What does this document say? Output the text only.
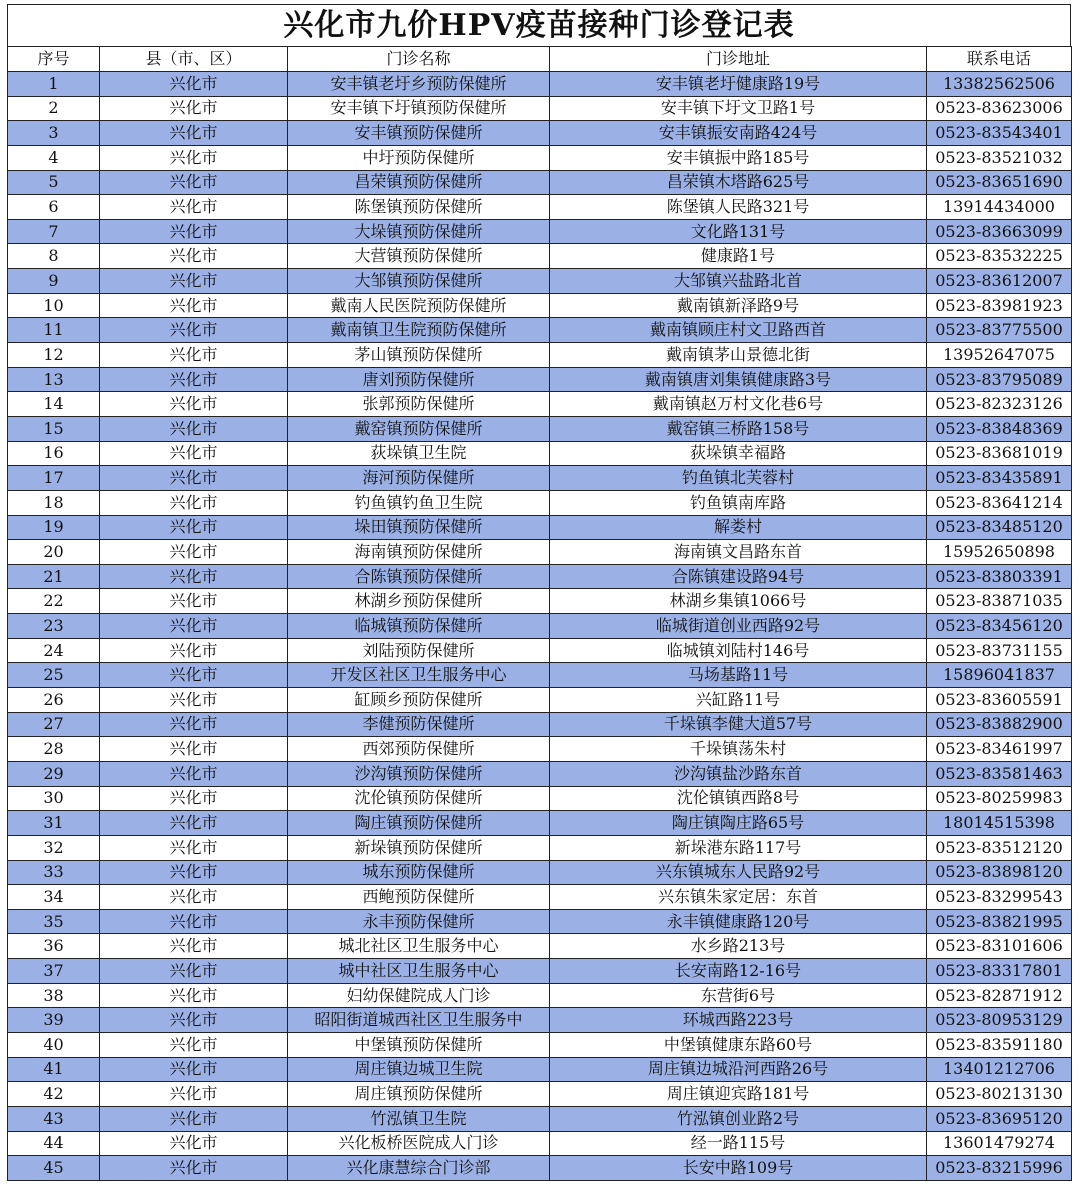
兴化市九价HPV疫苗接种门诊登记表
序号	县（市、区）	门诊名称	门诊地址	联系电话
1	兴化市	安丰镇老圩乡预防保健所	安丰镇老圩健康路19号	13382562506
2	兴化市	安丰镇下圩镇预防保健所	安丰镇下圩文卫路1号	0523-83623006
3	兴化市	安丰镇预防保健所	安丰镇振安南路424号	0523-83543401
4	兴化市	中圩预防保健所	安丰镇振中路185号	0523-83521032
5	兴化市	昌荣镇预防保健所	昌荣镇木塔路625号	0523-83651690
6	兴化市	陈堡镇预防保健所	陈堡镇人民路321号	13914434000
7	兴化市	大垛镇预防保健所	文化路131号	0523-83663099
8	兴化市	大营镇预防保健所	健康路1号	0523-83532225
9	兴化市	大邹镇预防保健所	大邹镇兴盐路北首	0523-83612007
10	兴化市	戴南人民医院预防保健所	戴南镇新泽路9号	0523-83981923
11	兴化市	戴南镇卫生院预防保健所	戴南镇顾庄村文卫路西首	0523-83775500
12	兴化市	茅山镇预防保健所	戴南镇茅山景德北街	13952647075
13	兴化市	唐刘预防保健所	戴南镇唐刘集镇健康路3号	0523-83795089
14	兴化市	张郭预防保健所	戴南镇赵万村文化巷6号	0523-82323126
15	兴化市	戴窑镇预防保健所	戴窑镇三桥路158号	0523-83848369
16	兴化市	荻垛镇卫生院	荻垛镇幸福路	0523-83681019
17	兴化市	海河预防保健所	钓鱼镇北芙蓉村	0523-83435891
18	兴化市	钓鱼镇钓鱼卫生院	钓鱼镇南库路	0523-83641214
19	兴化市	垛田镇预防保健所	解娄村	0523-83485120
20	兴化市	海南镇预防保健所	海南镇文昌路东首	15952650898
21	兴化市	合陈镇预防保健所	合陈镇建设路94号	0523-83803391
22	兴化市	林湖乡预防保健所	林湖乡集镇1066号	0523-83871035
23	兴化市	临城镇预防保健所	临城街道创业西路92号	0523-83456120
24	兴化市	刘陆预防保健所	临城镇刘陆村146号	0523-83731155
25	兴化市	开发区社区卫生服务中心	马场基路11号	15896041837
26	兴化市	缸顾乡预防保健所	兴缸路11号	0523-83605591
27	兴化市	李健预防保健所	千垛镇李健大道57号	0523-83882900
28	兴化市	西郊预防保健所	千垛镇荡朱村	0523-83461997
29	兴化市	沙沟镇预防保健所	沙沟镇盐沙路东首	0523-83581463
30	兴化市	沈伦镇预防保健所	沈伦镇镇西路8号	0523-80259983
31	兴化市	陶庄镇预防保健所	陶庄镇陶庄路65号	18014515398
32	兴化市	新垛镇预防保健所	新垛港东路117号	0523-83512120
33	兴化市	城东预防保健所	兴东镇城东人民路92号	0523-83898120
34	兴化市	西鲍预防保健所	兴东镇朱家定居：东首	0523-83299543
35	兴化市	永丰预防保健所	永丰镇健康路120号	0523-83821995
36	兴化市	城北社区卫生服务中心	水乡路213号	0523-83101606
37	兴化市	城中社区卫生服务中心	长安南路12-16号	0523-83317801
38	兴化市	妇幼保健院成人门诊	东营街6号	0523-82871912
39	兴化市	昭阳街道城西社区卫生服务中	环城西路223号	0523-80953129
40	兴化市	中堡镇预防保健所	中堡镇健康东路60号	0523-83591180
41	兴化市	周庄镇边城卫生院	周庄镇边城沿河西路26号	13401212706
42	兴化市	周庄镇预防保健所	周庄镇迎宾路181号	0523-80213130
43	兴化市	竹泓镇卫生院	竹泓镇创业路2号	0523-83695120
44	兴化市	兴化板桥医院成人门诊	经一路115号	13601479274
45	兴化市	兴化康慧综合门诊部	长安中路109号	0523-83215996
